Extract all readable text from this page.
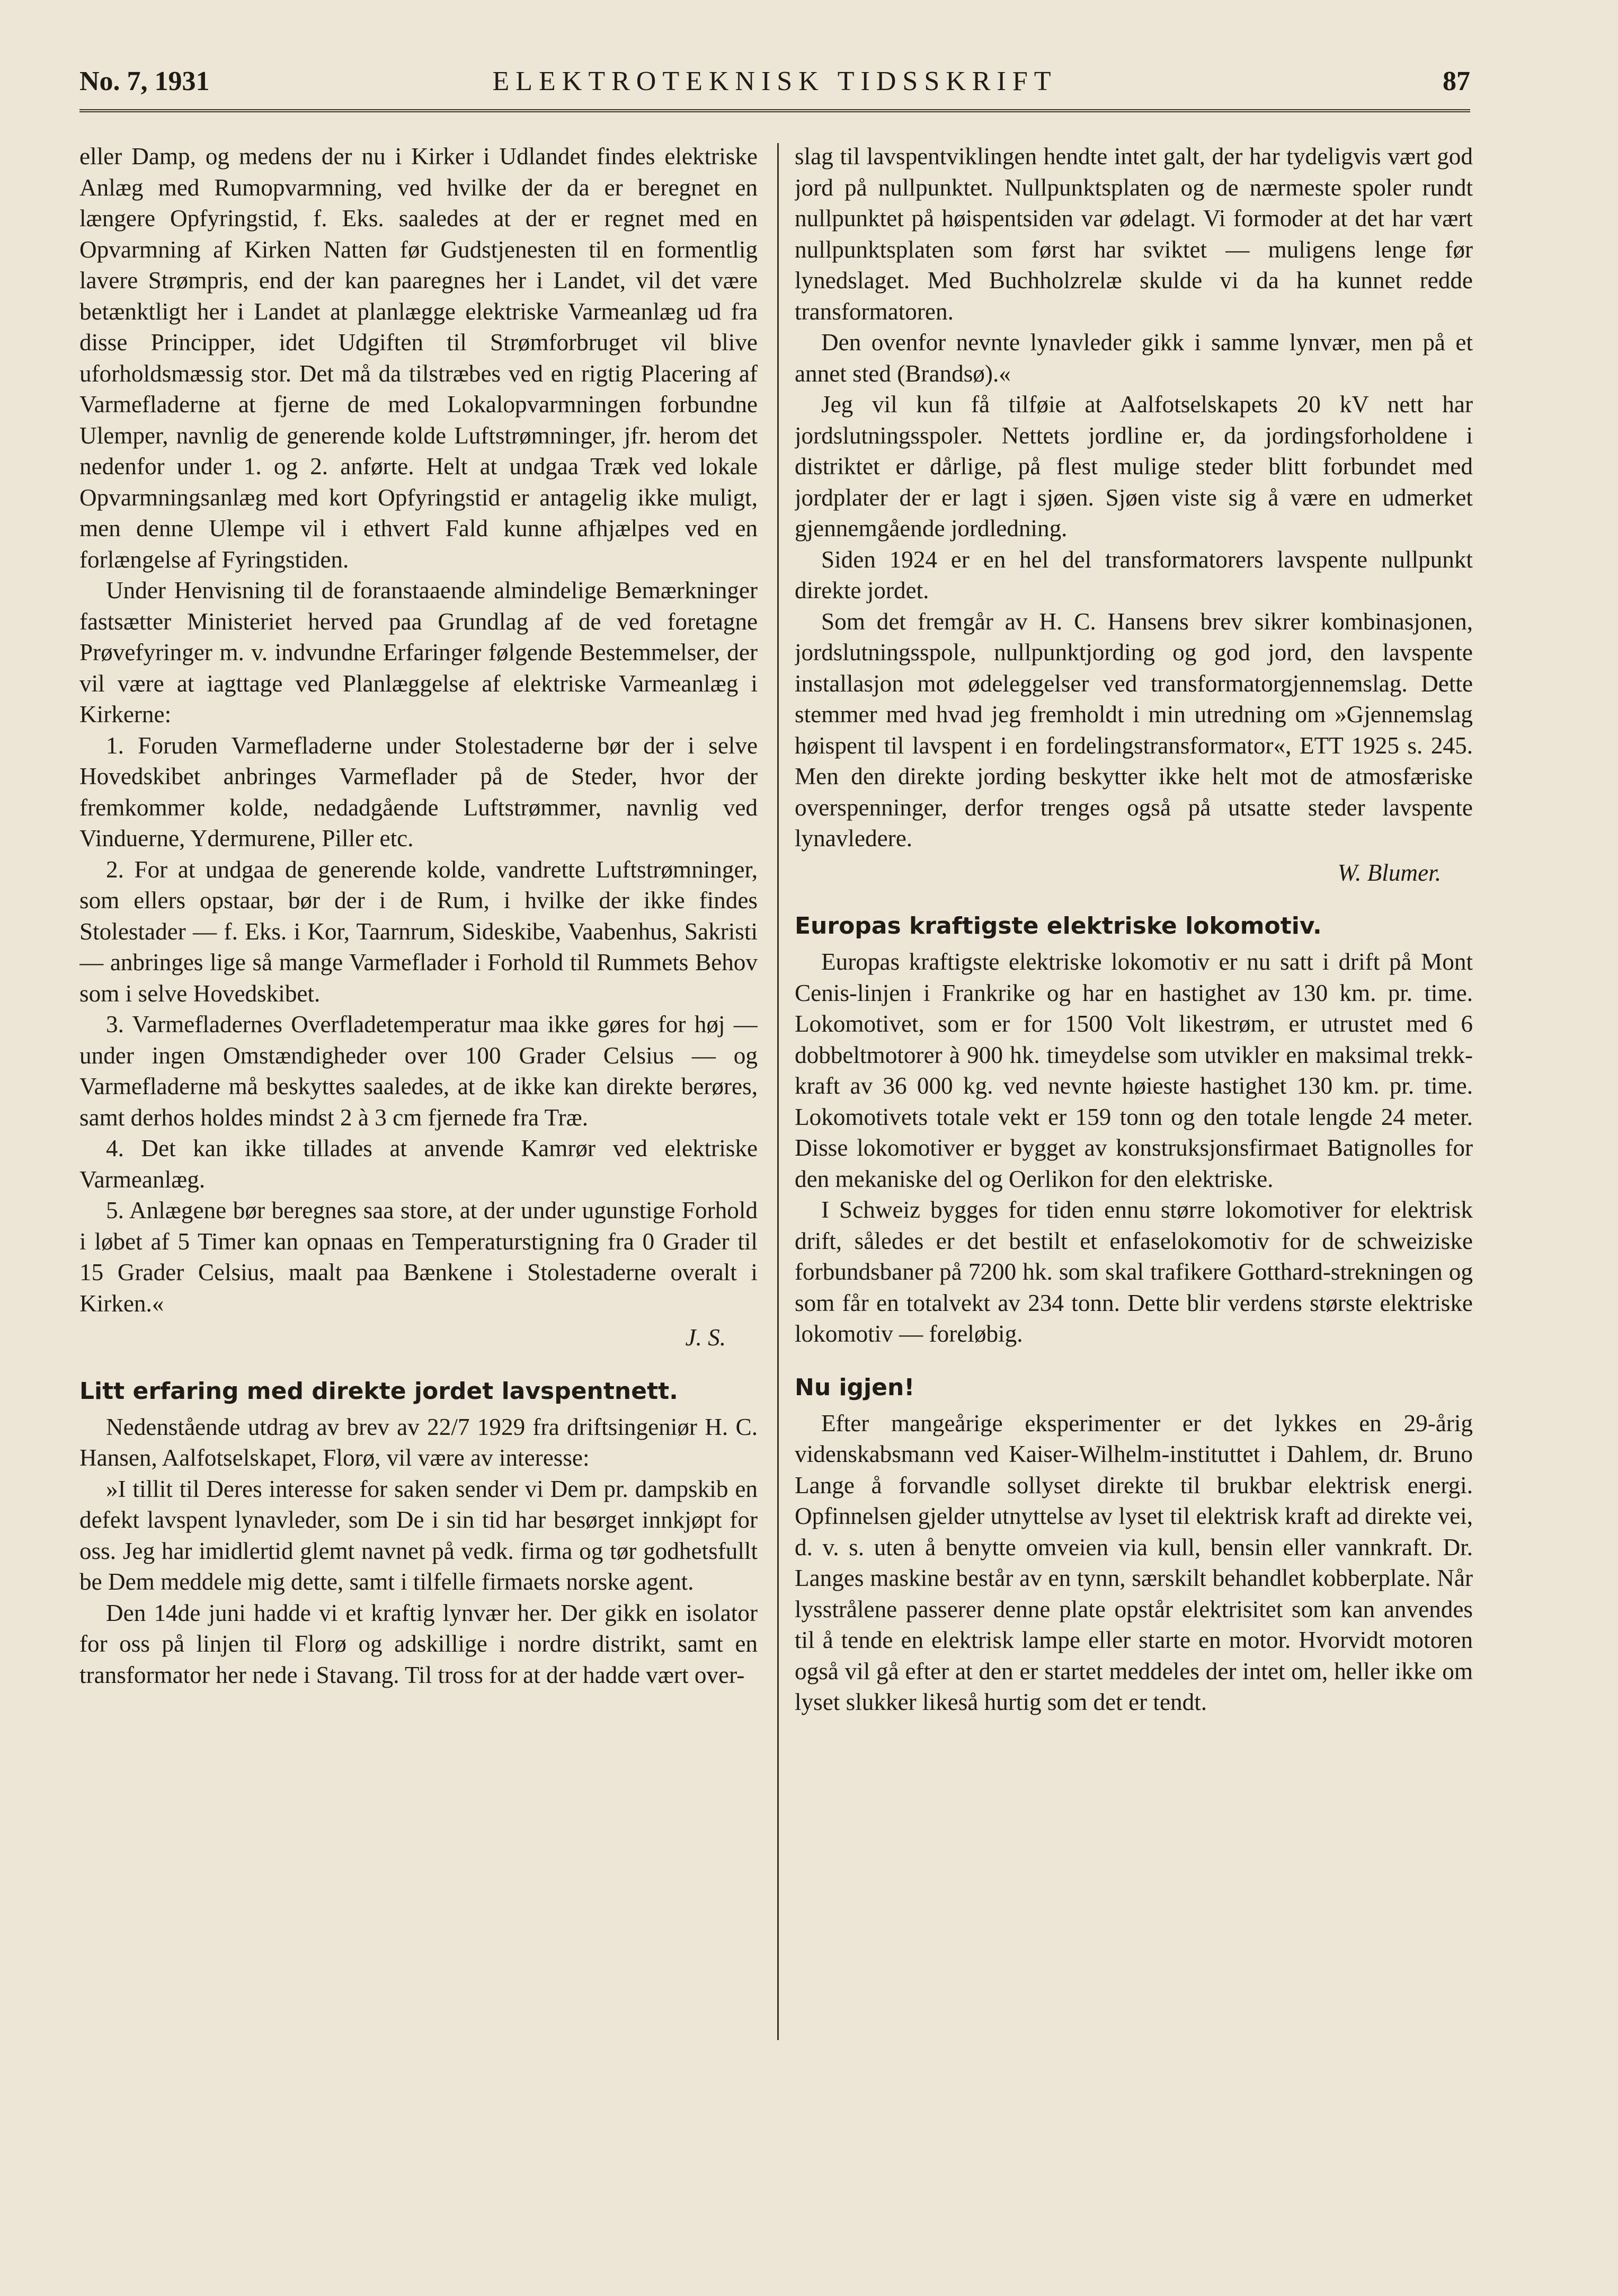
No. 7, 1931	ELEKTROTEKNISK TIDSSKRIFT	87

eller Damp, og medens der nu i Kirker i Udlandet findes elektriske Anlæg med Rumopvarmning, ved hvilke der da er beregnet en længere Opfyringstid, f. Eks. saaledes at der er regnet med en Opvarmning af Kirken Natten før Gudstjenesten til en formentlig lavere Strømpris, end der kan paaregnes her i Landet, vil det være betænktligt her i Landet at planlægge elektriske Varmeanlæg ud fra disse Principper, idet Udgiften til Strømforbruget vil blive uforholdsmæssig stor. Det må da tilstræbes ved en rigtig Placering af Varmefladerne at fjerne de med Lokalopvarmningen forbundne Ulemper, navnlig de generende kolde Luftstrømninger, jfr. herom det nedenfor under 1. og 2. anførte. Helt at undgaa Træk ved lokale Opvarmningsanlæg med kort Opfyringstid er antagelig ikke muligt, men denne Ulempe vil i ethvert Fald kunne afhjælpes ved en forlængelse af Fyringstiden.

Under Henvisning til de foranstaaende almindelige Bemærkninger fastsætter Ministeriet herved paa Grundlag af de ved foretagne Prøvefyringer m. v. indvundne Erfaringer følgende Bestemmelser, der vil være at iagttage ved Planlæggelse af elektriske Varmeanlæg i Kirkerne:

1. Foruden Varmefladerne under Stolestaderne bør der i selve Hovedskibet anbringes Varmeflader på de Steder, hvor der fremkommer kolde, nedadgående Luftstrømmer, navnlig ved Vinduerne, Ydermurene, Piller etc.

2. For at undgaa de generende kolde, vandrette Luftstrømninger, som ellers opstaar, bør der i de Rum, i hvilke der ikke findes Stolestader — f. Eks. i Kor, Taarnrum, Sideskibe, Vaabenhus, Sakristi — anbringes lige så mange Varmeflader i Forhold til Rummets Behov som i selve Hovedskibet.

3. Varmefladernes Overfladetemperatur maa ikke gøres for høj — under ingen Omstændigheder over 100 Grader Celsius — og Varmefladerne må beskyttes saaledes, at de ikke kan direkte berøres, samt derhos holdes mindst 2 à 3 cm fjernede fra Træ.

4. Det kan ikke tillades at anvende Kamrør ved elektriske Varmeanlæg.

5. Anlægene bør beregnes saa store, at der under ugunstige Forhold i løbet af 5 Timer kan opnaas en Temperaturstigning fra 0 Grader til 15 Grader Celsius, maalt paa Bænkene i Stolestaderne overalt i Kirken.«

J. S.

Litt erfaring med direkte jordet lavspentnett.

Nedenstående utdrag av brev av 22/7 1929 fra driftsingeniør H. C. Hansen, Aalfotselskapet, Florø, vil være av interesse:

»I tillit til Deres interesse for saken sender vi Dem pr. dampskib en defekt lavspent lynavleder, som De i sin tid har besørget innkjøpt for oss. Jeg har imidlertid glemt navnet på vedk. firma og tør godhetsfullt be Dem meddele mig dette, samt i tilfelle firmaets norske agent.

Den 14de juni hadde vi et kraftig lynvær her. Der gikk en isolator for oss på linjen til Florø og adskillige i nordre distrikt, samt en transformator her nede i Stavang. Til tross for at der hadde vært over-

slag til lavspentviklingen hendte intet galt, der har tydeligvis vært god jord på nullpunktet. Nullpunktsplaten og de nærmeste spoler rundt nullpunktet på høispentsiden var ødelagt. Vi formoder at det har vært nullpunktsplaten som først har sviktet — muligens lenge før lynedslaget. Med Buchholzrelæ skulde vi da ha kunnet redde transformatoren.

Den ovenfor nevnte lynavleder gikk i samme lynvær, men på et annet sted (Brandsø).«

Jeg vil kun få tilføie at Aalfotselskapets 20 kV nett har jordslutningsspoler. Nettets jordline er, da jordingsforholdene i distriktet er dårlige, på flest mulige steder blitt forbundet med jordplater der er lagt i sjøen. Sjøen viste sig å være en udmerket gjennemgående jordledning.

Siden 1924 er en hel del transformatorers lavspente nullpunkt direkte jordet.

Som det fremgår av H. C. Hansens brev sikrer kombinasjonen, jordslutningsspole, nullpunktjording og god jord, den lavspente installasjon mot ødeleggelser ved transformatorgjennemslag. Dette stemmer med hvad jeg fremholdt i min utredning om »Gjennemslag høispent til lavspent i en fordelingstransformator«, ETT 1925 s. 245. Men den direkte jording beskytter ikke helt mot de atmosfæriske overspenninger, derfor trenges også på utsatte steder lavspente lynavledere.

W. Blumer.

Europas kraftigste elektriske lokomotiv.

Europas kraftigste elektriske lokomotiv er nu satt i drift på Mont Cenis-linjen i Frankrike og har en hastighet av 130 km. pr. time. Lokomotivet, som er for 1500 Volt likestrøm, er utrustet med 6 dobbeltmotorer à 900 hk. timeydelse som utvikler en maksimal trekk-kraft av 36 000 kg. ved nevnte høieste hastighet 130 km. pr. time. Lokomotivets totale vekt er 159 tonn og den totale lengde 24 meter. Disse lokomotiver er bygget av konstruksjonsfirmaet Batignolles for den mekaniske del og Oerlikon for den elektriske.

I Schweiz bygges for tiden ennu større lokomotiver for elektrisk drift, således er det bestilt et enfaselokomotiv for de schweiziske forbundsbaner på 7200 hk. som skal trafikere Gotthard-strekningen og som får en totalvekt av 234 tonn. Dette blir verdens største elektriske lokomotiv — foreløbig.

Nu igjen!

Efter mangeårige eksperimenter er det lykkes en 29-årig videnskabsmann ved Kaiser-Wilhelm-instituttet i Dahlem, dr. Bruno Lange å forvandle sollyset direkte til brukbar elektrisk energi. Opfinnelsen gjelder utnyttelse av lyset til elektrisk kraft ad direkte vei, d. v. s. uten å benytte omveien via kull, bensin eller vannkraft. Dr. Langes maskine består av en tynn, særskilt behandlet kobberplate. Når lysstrålene passerer denne plate opstår elektrisitet som kan anvendes til å tende en elektrisk lampe eller starte en motor. Hvorvidt motoren også vil gå efter at den er startet meddeles der intet om, heller ikke om lyset slukker likeså hurtig som det er tendt.
